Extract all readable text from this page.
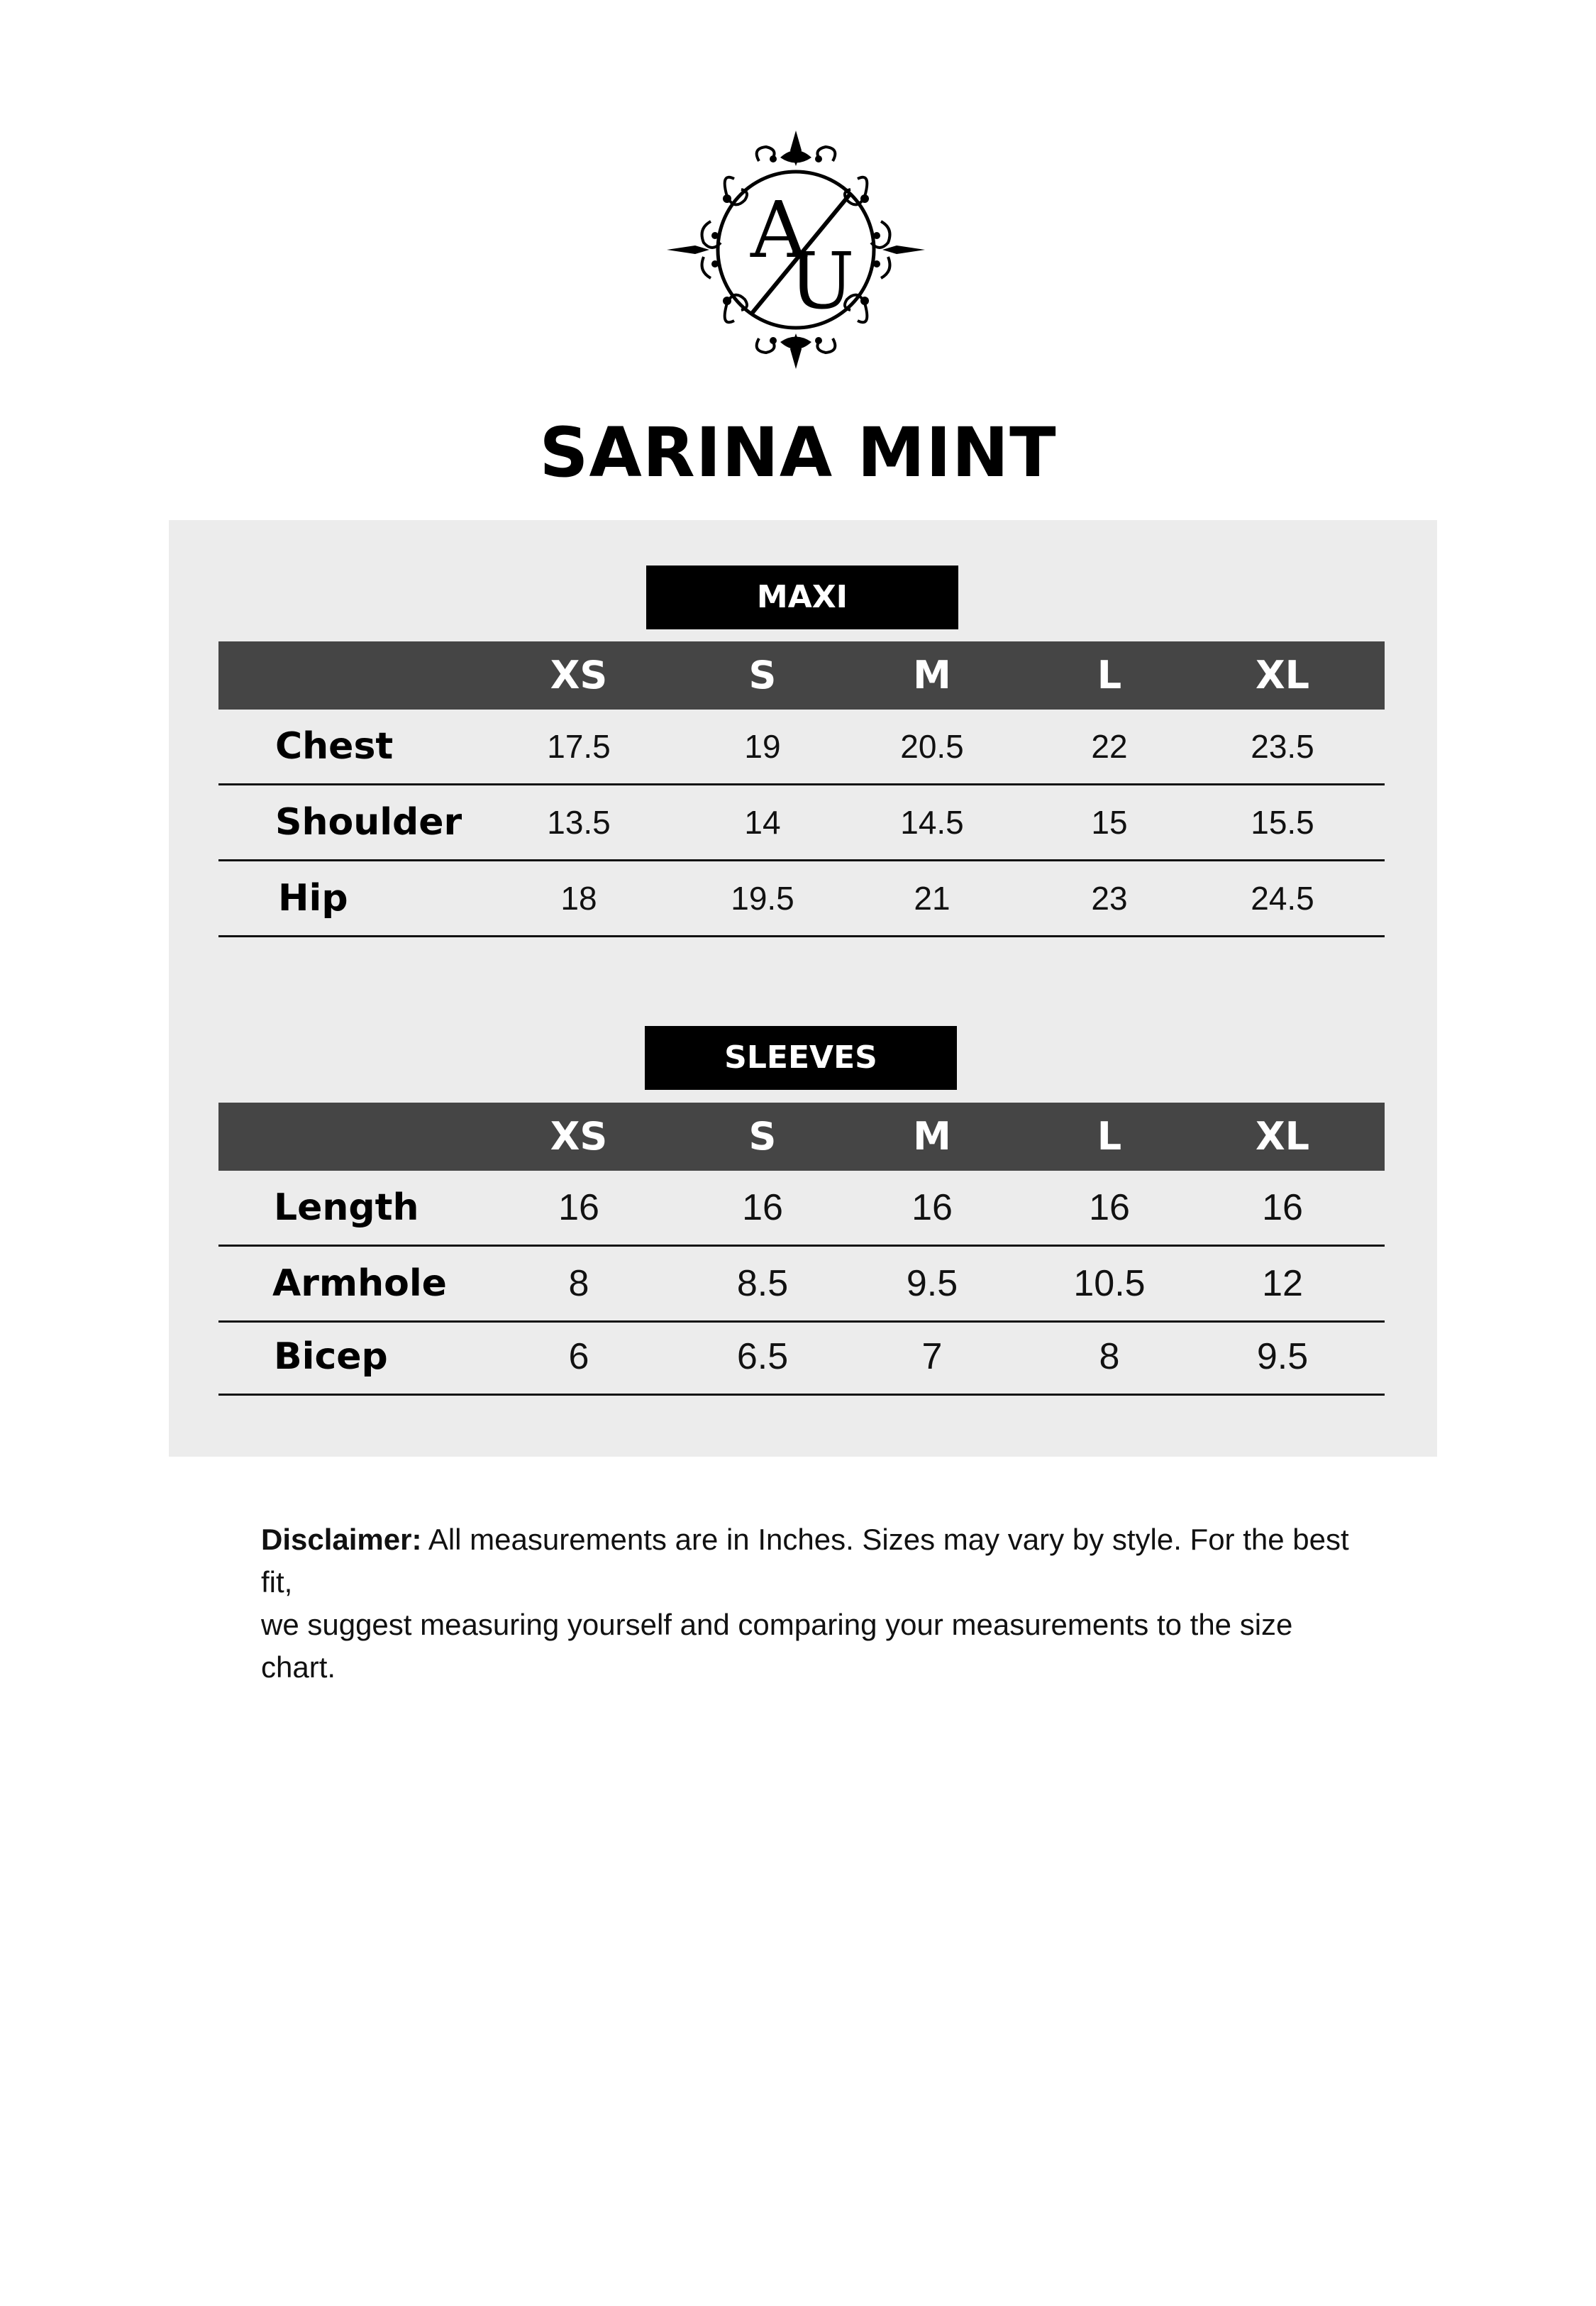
A
U
SARINA MINT
MAXI
XS	S	M	L	XL
Chest	17.5	19	20.5	22	23.5
Shoulder	13.5	14	14.5	15	15.5
Hip	18	19.5	21	23	24.5
SLEEVES
XS	S	M	L	XL
Length	16	16	16	16	16
Armhole	8	8.5	9.5	10.5	12
Bicep	6	6.5	7	8	9.5
Disclaimer: All measurements are in Inches. Sizes may vary by style. For the best fit,
we suggest measuring yourself and comparing your measurements to the size chart.
